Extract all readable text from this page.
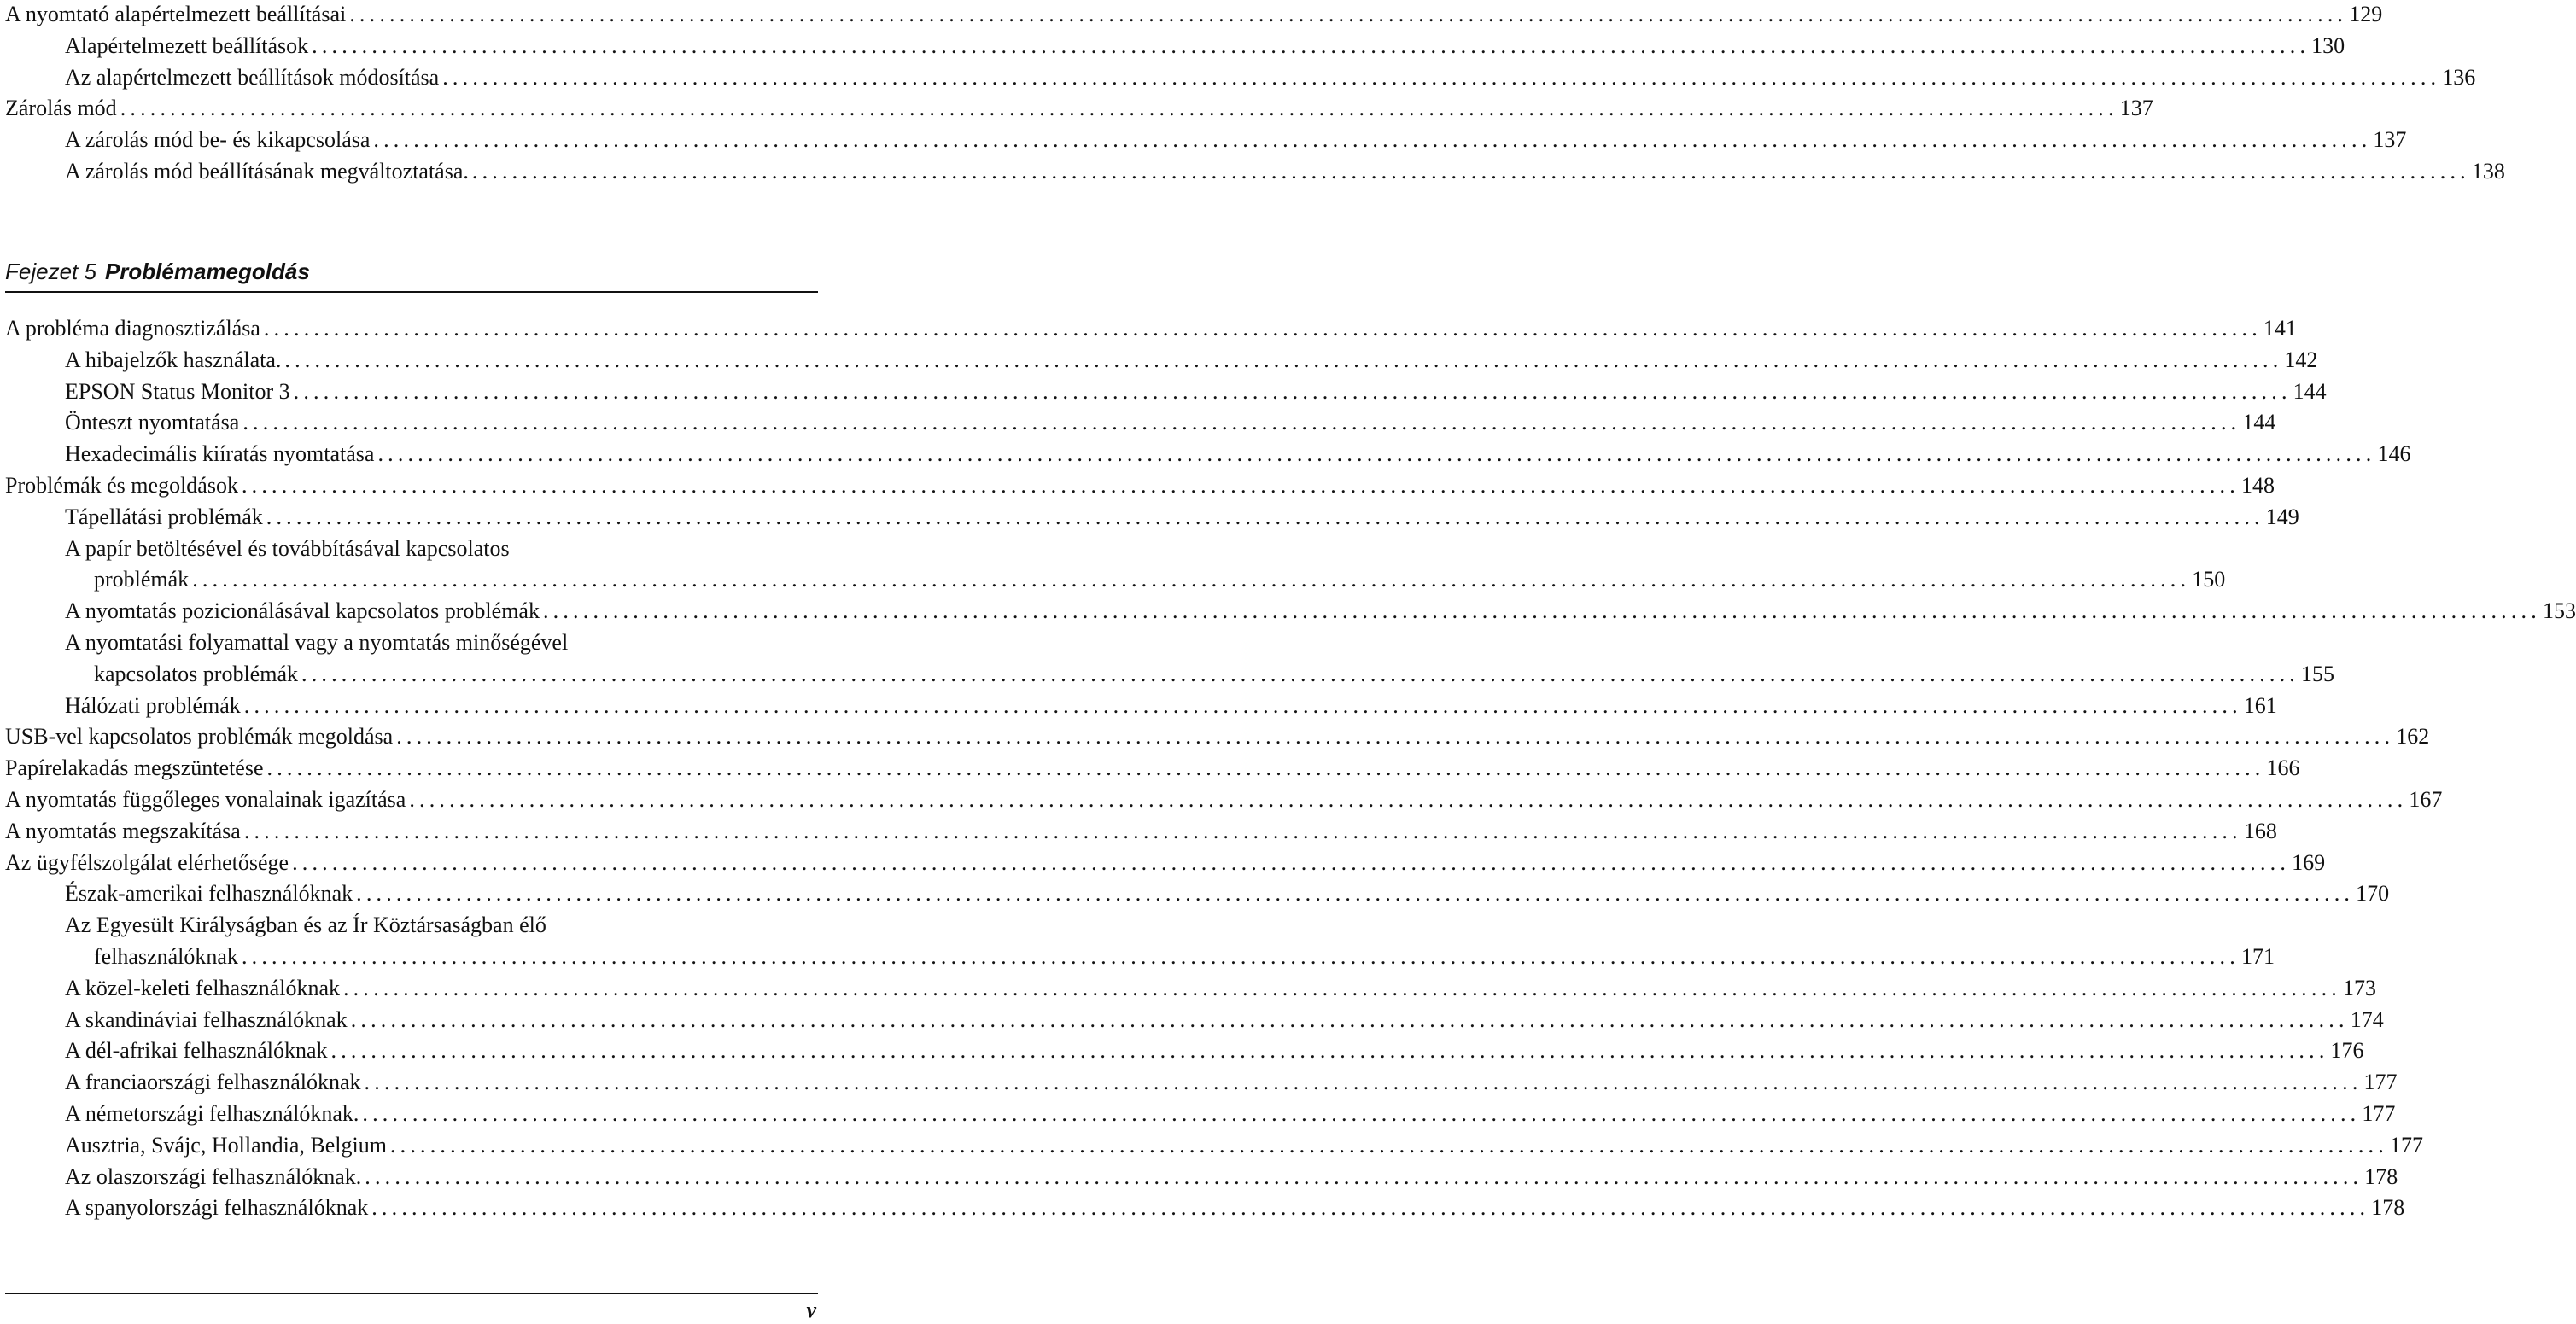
A nyomtató alapértelmezett beállításai ........................................................................................................................................................................................................ 129
Alapértelmezett beállítások ........................................................................................................................................................................................................ 130
Az alapértelmezett beállítások módosítása ........................................................................................................................................................................................................ 136
Zárolás mód ........................................................................................................................................................................................................ 137
A zárolás mód be- és kikapcsolása ........................................................................................................................................................................................................ 137
A zárolás mód beállításának megváltoztatása. ........................................................................................................................................................................................................ 138
Fejezet 5 Problémamegoldás
A probléma diagnosztizálása ........................................................................................................................................................................................................ 141
A hibajelzők használata. ........................................................................................................................................................................................................ 142
EPSON Status Monitor 3 ........................................................................................................................................................................................................ 144
Önteszt nyomtatása ........................................................................................................................................................................................................ 144
Hexadecimális kiíratás nyomtatása ........................................................................................................................................................................................................ 146
Problémák és megoldások ........................................................................................................................................................................................................ 148
Tápellátási problémák ........................................................................................................................................................................................................ 149
A papír betöltésével és továbbításával kapcsolatos
problémák ........................................................................................................................................................................................................ 150
A nyomtatás pozicionálásával kapcsolatos problémák ........................................................................................................................................................................................................ 153
A nyomtatási folyamattal vagy a nyomtatás minőségével
kapcsolatos problémák ........................................................................................................................................................................................................ 155
Hálózati problémák ........................................................................................................................................................................................................ 161
USB-vel kapcsolatos problémák megoldása ........................................................................................................................................................................................................ 162
Papírelakadás megszüntetése ........................................................................................................................................................................................................ 166
A nyomtatás függőleges vonalainak igazítása ........................................................................................................................................................................................................ 167
A nyomtatás megszakítása ........................................................................................................................................................................................................ 168
Az ügyfélszolgálat elérhetősége ........................................................................................................................................................................................................ 169
Észak-amerikai felhasználóknak ........................................................................................................................................................................................................ 170
Az Egyesült Királyságban és az Ír Köztársaságban élő
felhasználóknak ........................................................................................................................................................................................................ 171
A közel-keleti felhasználóknak ........................................................................................................................................................................................................ 173
A skandináviai felhasználóknak ........................................................................................................................................................................................................ 174
A dél-afrikai felhasználóknak ........................................................................................................................................................................................................ 176
A franciaországi felhasználóknak ........................................................................................................................................................................................................ 177
A németországi felhasználóknak. ........................................................................................................................................................................................................ 177
Ausztria, Svájc, Hollandia, Belgium ........................................................................................................................................................................................................ 177
Az olaszországi felhasználóknak. ........................................................................................................................................................................................................ 178
A spanyolországi felhasználóknak ........................................................................................................................................................................................................ 178
v
